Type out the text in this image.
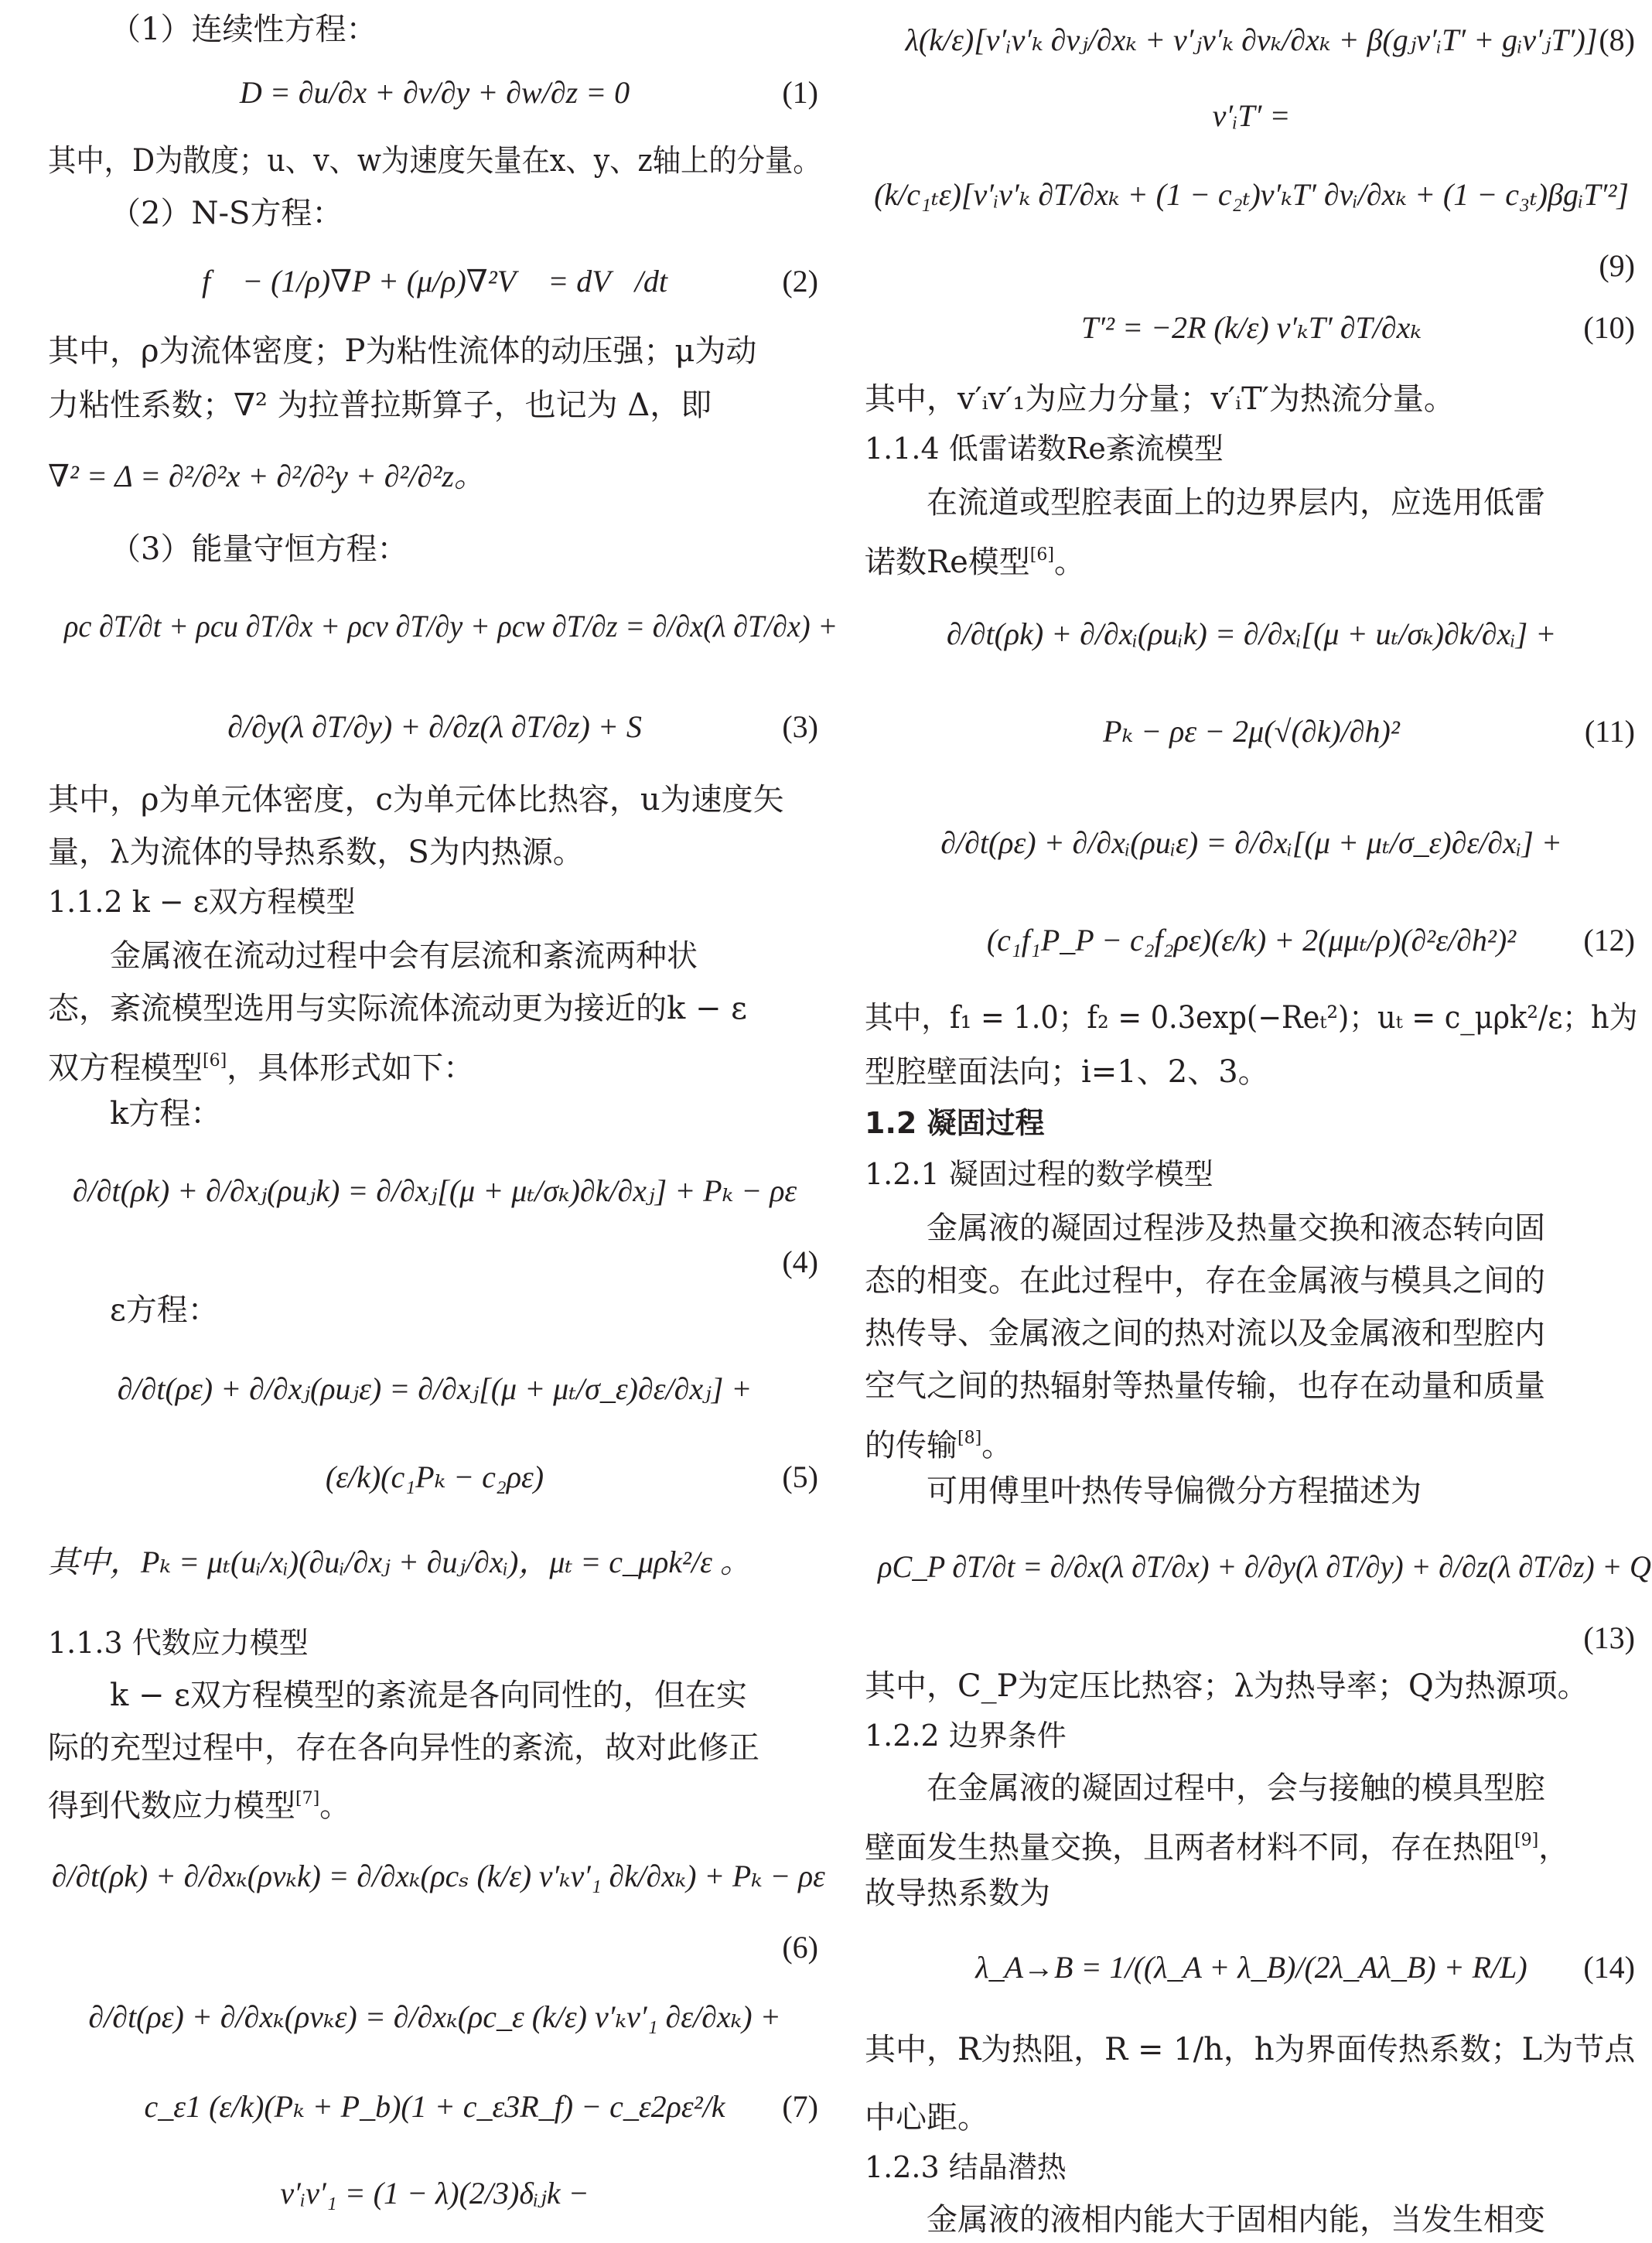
（1）连续性方程：
D = ∂u/∂x + ∂v/∂y + ∂w/∂z = 0	(1)
其中，D为散度；u、v、w为速度矢量在x、y、z轴上的分量。
（2）N-S方程：
f⃗ − (1/ρ)∇P + (μ/ρ)∇²V⃗ = dV⃗/dt	(2)
其中，ρ为流体密度；P为粘性流体的动压强；μ为动
力粘性系数；∇² 为拉普拉斯算子，也记为 Δ，即
∇² = Δ = ∂²/∂²x + ∂²/∂²y + ∂²/∂²z。
（3）能量守恒方程：
ρc ∂T/∂t + ρcu ∂T/∂x + ρcv ∂T/∂y + ρcw ∂T/∂z = ∂/∂x(λ ∂T/∂x) +
∂/∂y(λ ∂T/∂y) + ∂/∂z(λ ∂T/∂z) + S	(3)
其中，ρ为单元体密度，c为单元体比热容，u为速度矢
量，λ为流体的导热系数，S为内热源。
1.1.2 k − ε双方程模型
金属液在流动过程中会有层流和紊流两种状
态，紊流模型选用与实际流体流动更为接近的k − ε
双方程模型[6]，具体形式如下：
k方程：
∂/∂t(ρk) + ∂/∂xⱼ(ρuⱼk) = ∂/∂xⱼ[(μ + μₜ/σₖ)∂k/∂xⱼ] + Pₖ − ρε

(4)
ε方程：
∂/∂t(ρε) + ∂/∂xⱼ(ρuⱼε) = ∂/∂xⱼ[(μ + μₜ/σ_ε)∂ε/∂xⱼ] +
(ε/k)(c₁Pₖ − c₂ρε)	(5)
其中，Pₖ = μₜ(uᵢ/xᵢ)(∂uᵢ/∂xⱼ + ∂uⱼ/∂xᵢ)，μₜ = c_μρk²/ε 。
1.1.3 代数应力模型
k − ε双方程模型的紊流是各向同性的，但在实
际的充型过程中，存在各向异性的紊流，故对此修正
得到代数应力模型[7]。
∂/∂t(ρk) + ∂/∂xₖ(ρvₖk) = ∂/∂xₖ(ρcₛ (k/ε) v′ₖv′₁ ∂k/∂xₖ) + Pₖ − ρε

(6)
∂/∂t(ρε) + ∂/∂xₖ(ρvₖε) = ∂/∂xₖ(ρc_ε (k/ε) v′ₖv′₁ ∂ε/∂xₖ) +
c_ε1 (ε/k)(Pₖ + P_b)(1 + c_ε3R_f) − c_ε2ρε²/k (7)
v′ᵢv′₁ = (1 − λ)(2/3)δᵢⱼk −
λ(k/ε)[v′ᵢv′ₖ ∂vⱼ/∂xₖ + v′ⱼv′ₖ ∂vₖ/∂xₖ + β(gⱼv′ᵢT′ + gᵢv′ⱼT′)] (8)
v′ᵢT′ =
(k/c₁ₜε)[v′ᵢv′ₖ ∂T/∂xₖ + (1 − c₂ₜ)v′ₖT′ ∂vᵢ/∂xₖ + (1 − c₃ₜ)βgᵢT′²]

(9)
T′² = −2R (k/ε) v′ₖT′ ∂T/∂xₖ	(10)
其中，v′ᵢv′₁为应力分量；v′ᵢT′为热流分量。
1.1.4 低雷诺数Re紊流模型
在流道或型腔表面上的边界层内，应选用低雷
诺数Re模型[6]。
∂/∂t(ρk) + ∂/∂xᵢ(ρuᵢk) = ∂/∂xᵢ[(μ + uₜ/σₖ)∂k/∂xᵢ] +
Pₖ − ρε − 2μ(√(∂k)/∂h)²	(11)
∂/∂t(ρε) + ∂/∂xᵢ(ρuᵢε) = ∂/∂xᵢ[(μ + μₜ/σ_ε)∂ε/∂xᵢ] +
(c₁f₁P_P − c₂f₂ρε)(ε/k) + 2(μμₜ/ρ)(∂²ε/∂h²)² (12)
其中，f₁ = 1.0；f₂ = 0.3exp(−Reₜ²)；uₜ = c_μρk²/ε；h为
型腔壁面法向；i=1、2、3。
1.2 凝固过程
1.2.1 凝固过程的数学模型
金属液的凝固过程涉及热量交换和液态转向固
态的相变。在此过程中，存在金属液与模具之间的
热传导、金属液之间的热对流以及金属液和型腔内
空气之间的热辐射等热量传输，也存在动量和质量
的传输[8]。
可用傅里叶热传导偏微分方程描述为
ρC_P ∂T/∂t = ∂/∂x(λ ∂T/∂x) + ∂/∂y(λ ∂T/∂y) + ∂/∂z(λ ∂T/∂z) + Q

(13)
其中，C_P为定压比热容；λ为热导率；Q为热源项。
1.2.2 边界条件
在金属液的凝固过程中，会与接触的模具型腔
壁面发生热量交换，且两者材料不同，存在热阻[9]，
故导热系数为
λ_A→B = 1/((λ_A + λ_B)/(2λ_Aλ_B) + R/L) (14)
其中，R为热阻，R = 1/h，h为界面传热系数；L为节点
中心距。
1.2.3 结晶潜热
金属液的液相内能大于固相内能，当发生相变
